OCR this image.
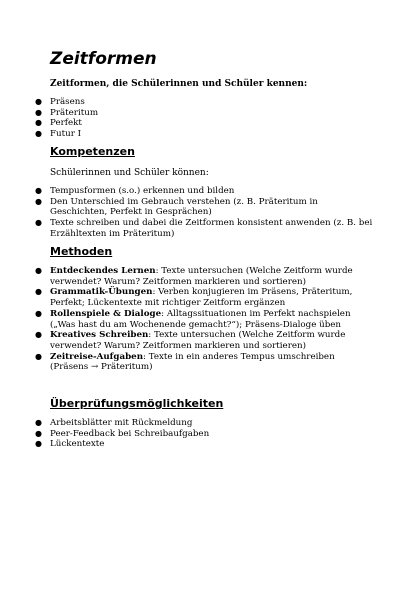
Zeitformen

Zeitformen, die Schülerinnen und Schüler kennen:

● Präsens
● Präteritum
● Perfekt
● Futur I
Kompetenzen

Schülerinnen und Schüler können:

● Tempusformen (s.o.) erkennen und bilden
● Den Unterschied im Gebrauch verstehen (z. B. Präteritum in Geschichten, Perfekt in Gesprächen)
● Texte schreiben und dabei die Zeitformen konsistent anwenden (z. B. bei Erzähltexten im Präteritum)
Methoden
● Entdeckendes Lernen: Texte untersuchen (Welche Zeitform wurde verwendet? Warum? Zeitformen markieren und sortieren)
● Grammatik-Übungen: Verben konjugieren im Präsens, Präteritum, Perfekt; Lückentexte mit richtiger Zeitform ergänzen
● Rollenspiele & Dialoge: Alltagssituationen im Perfekt nachspielen („Was hast du am Wochenende gemacht?“); Präsens-Dialoge üben
● Kreatives Schreiben: Texte untersuchen (Welche Zeitform wurde verwendet? Warum? Zeitformen markieren und sortieren)
● Zeitreise-Aufgaben: Texte in ein anderes Tempus umschreiben (Präsens → Präteritum)
Überprüfungsmöglichkeiten
● Arbeitsblätter mit Rückmeldung
● Peer-Feedback bei Schreibaufgaben
● Lückentexte
